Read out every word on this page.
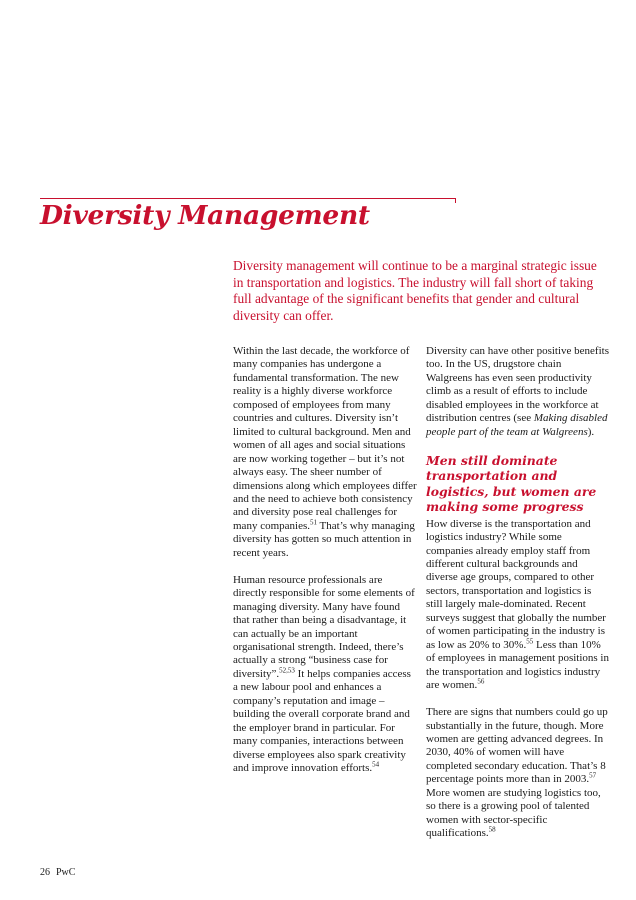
Diversity Management

Diversity management will continue to be a marginal strategic issue in transportation and logistics. The industry will fall short of taking full advantage of the significant benefits that gender and cultural diversity can offer.

Within the last decade, the workforce of many companies has undergone a fundamental transformation. The new reality is a highly diverse workforce composed of employees from many countries and cultures. Diversity isn’t limited to cultural background. Men and women of all ages and social situations are now working together – but it’s not always easy. The sheer number of dimensions along which employees differ and the need to achieve both consistency and diversity pose real challenges for many companies.$^{51}$ That’s why managing diversity has gotten so much attention in recent years.

Human resource professionals are directly responsible for some elements of managing diversity. Many have found that rather than being a disadvantage, it can actually be an important organisational strength. Indeed, there’s actually a strong “business case for diversity”.$^{52,53}$ It helps companies access a new labour pool and enhances a company’s reputation and image – building the overall corporate brand and the employer brand in particular. For many companies, interactions between diverse employees also spark creativity and improve innovation efforts.$^{54}$

Diversity can have other positive benefits too. In the US, drugstore chain Walgreens has even seen productivity climb as a result of efforts to include disabled employees in the workforce at distribution centres (see Making disabled people part of the team at Walgreens).

Men still dominate transportation and logistics, but women are making some progress

How diverse is the transportation and logistics industry? While some companies already employ staff from different cultural backgrounds and diverse age groups, compared to other sectors, transportation and logistics is still largely male-dominated. Recent surveys suggest that globally the number of women participating in the industry is as low as 20% to 30%.$^{55}$ Less than 10% of employees in management positions in the transportation and logistics industry are women.$^{56}$

There are signs that numbers could go up substantially in the future, though. More women are getting advanced degrees. In 2030, 40% of women will have completed secondary education. That’s 8 percentage points more than in 2003.57 More women are studying logistics too, so there is a growing pool of talented women with sector-specific qualifications.$^{58}$

26 PwC
